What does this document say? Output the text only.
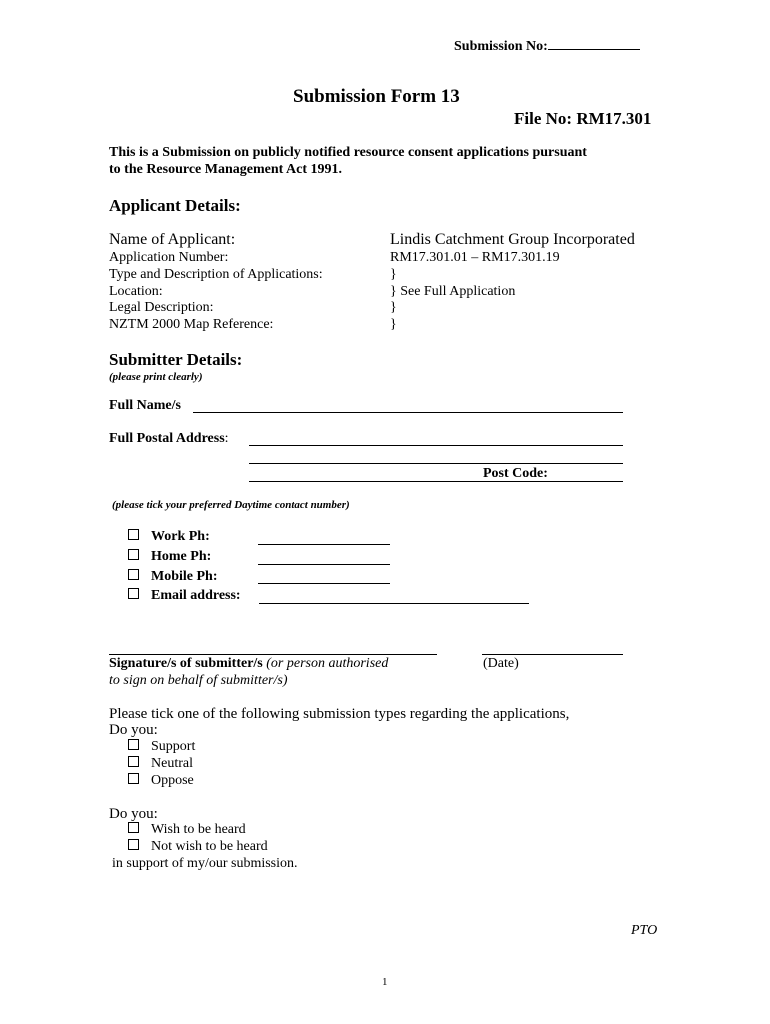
Submission No:
Submission Form 13
File No: RM17.301
This is a Submission on publicly notified resource consent applications pursuant
to the Resource Management Act 1991.
Applicant Details:
Name of Applicant:	Lindis Catchment Group Incorporated
Application Number:	RM17.301.01 – RM17.301.19
Type and Description of Applications:	}
Location:	} See Full Application
Legal Description:	}
NZTM 2000 Map Reference:	}
Submitter Details:
(please print clearly)
Full Name/s
Full Postal Address:
Post Code:
(please tick your preferred Daytime contact number)
Work Ph:
Home Ph:
Mobile Ph:
Email address:
Signature/s of submitter/s (or person authorised
to sign on behalf of submitter/s)
(Date)
Please tick one of the following submission types regarding the applications,
Do you:
Support
Neutral
Oppose
Do you:
Wish to be heard
Not wish to be heard
in support of my/our submission.
PTO
1
